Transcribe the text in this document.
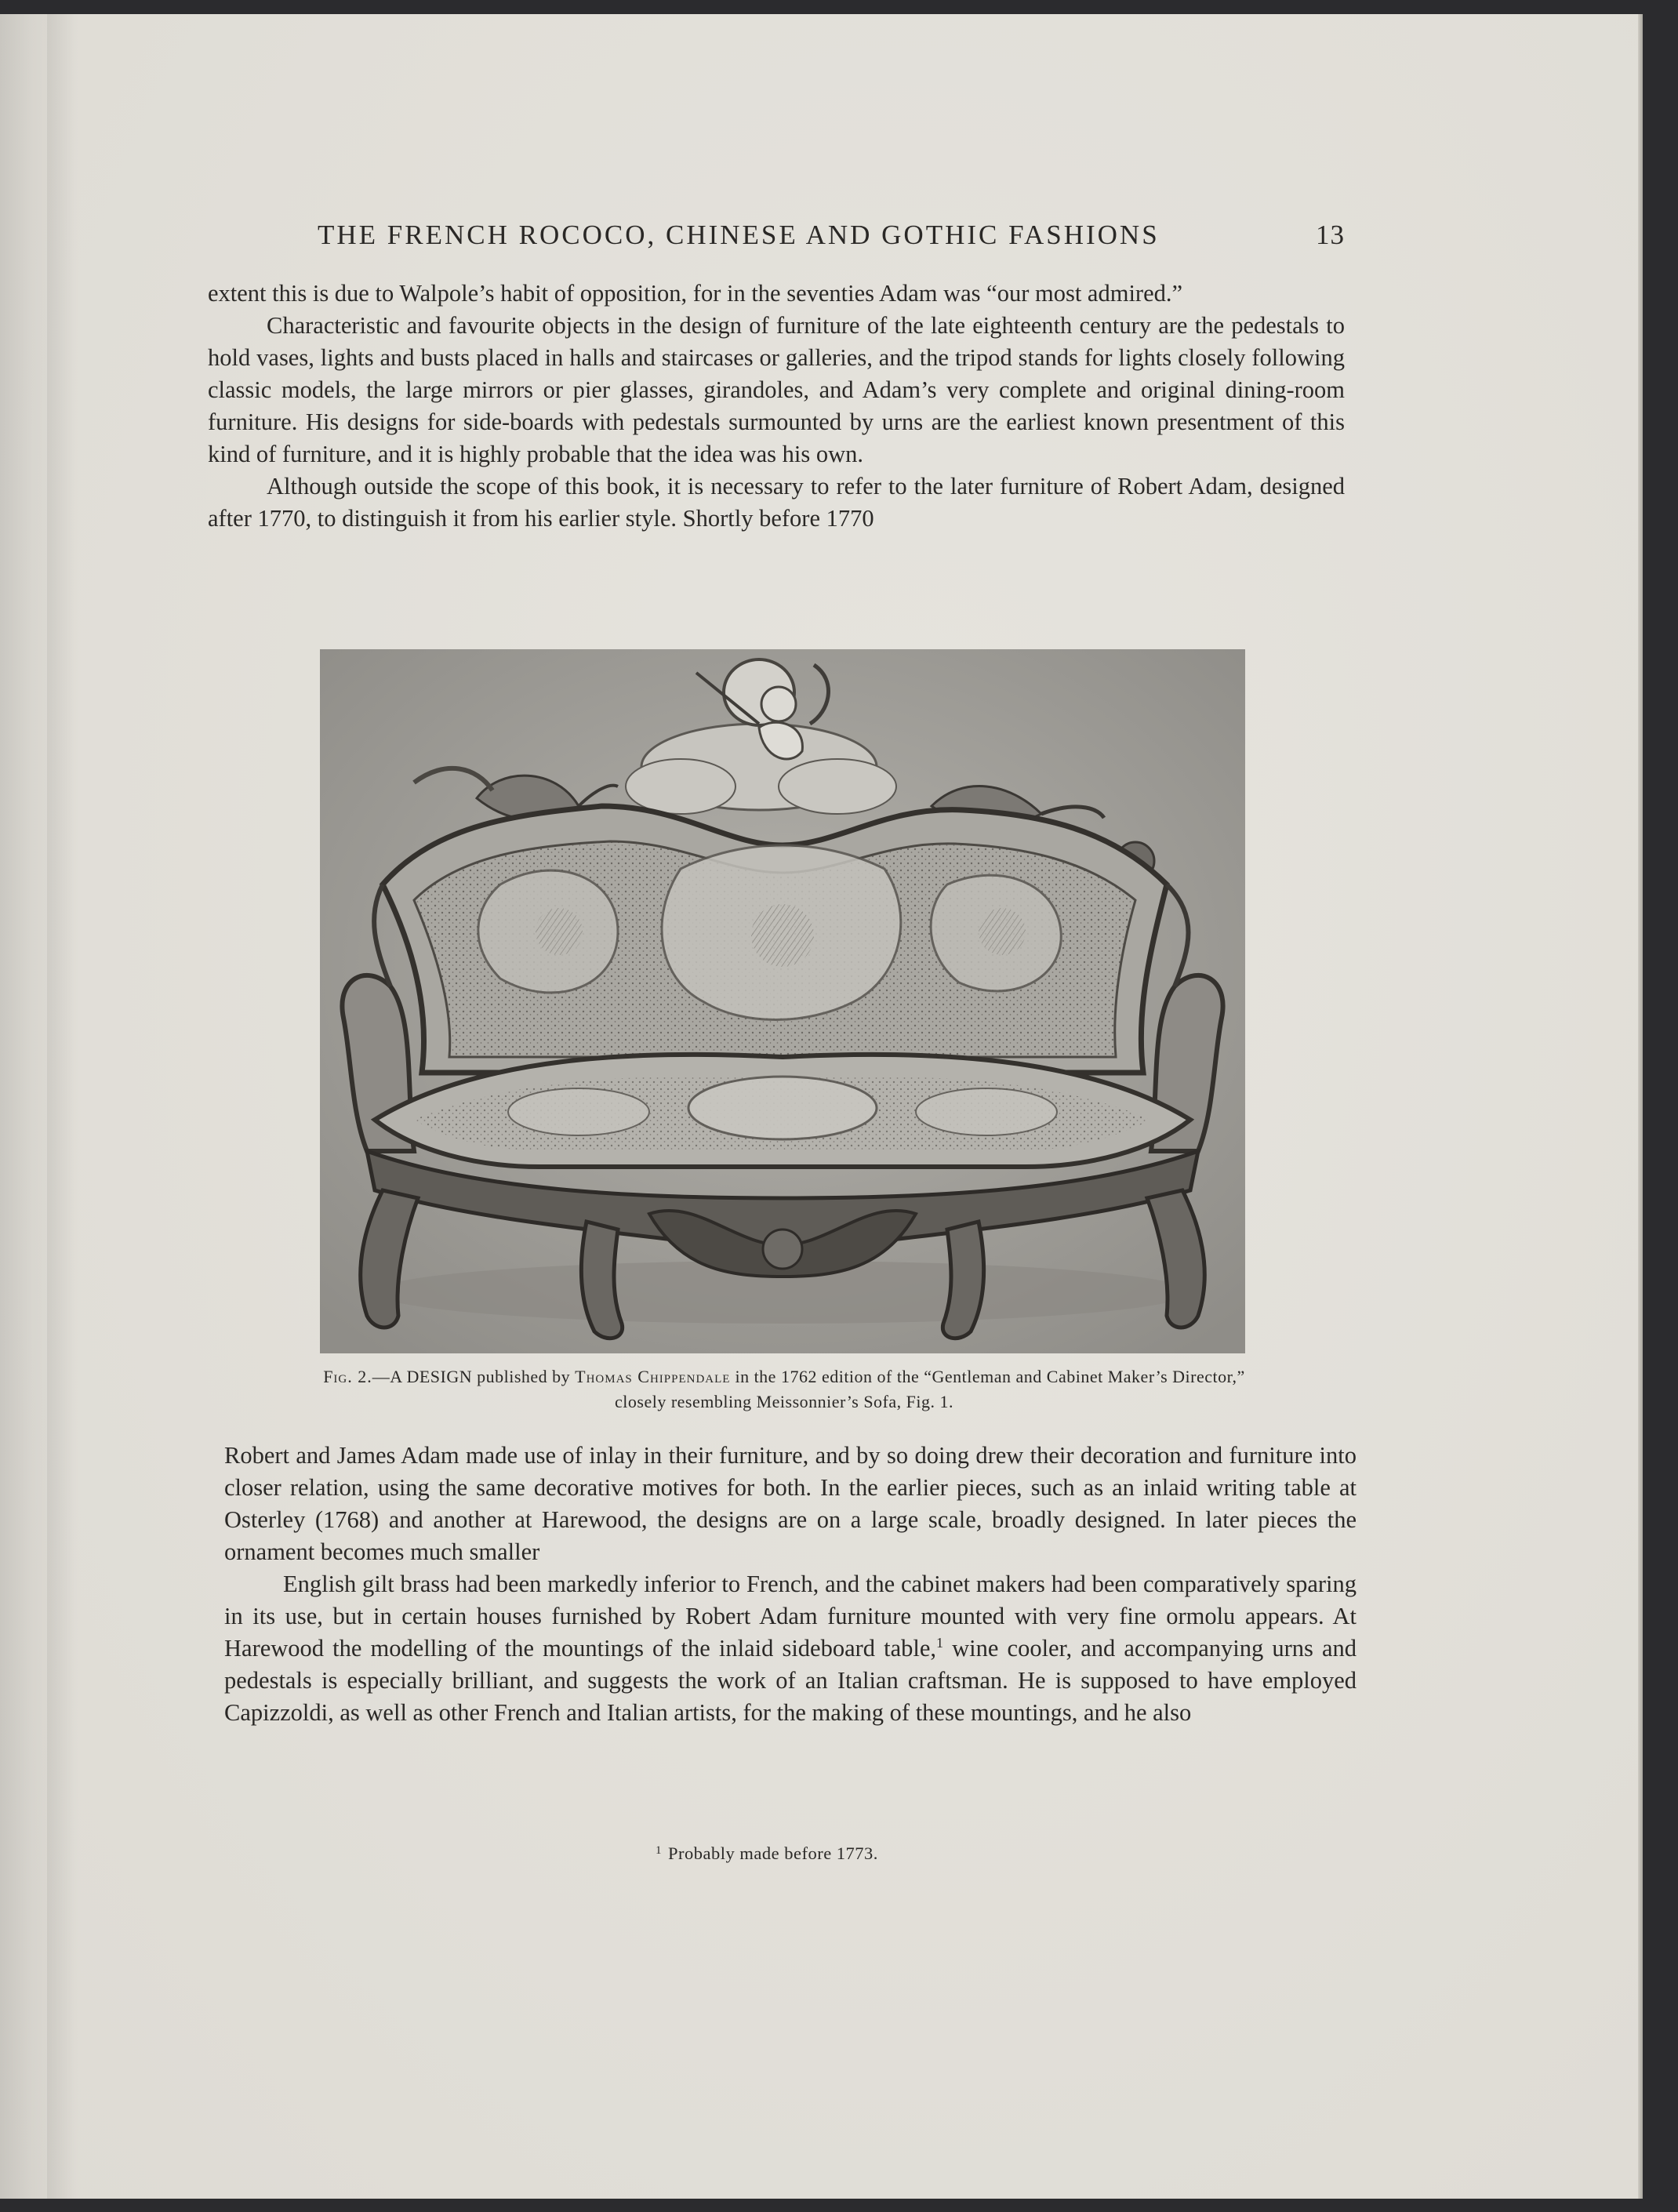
THE FRENCH ROCOCO, CHINESE AND GOTHIC FASHIONS	13

extent this is due to Walpole’s habit of opposition, for in the seventies Adam was “our most admired.”

Characteristic and favourite objects in the design of furniture of the late eighteenth century are the pedestals to hold vases, lights and busts placed in halls and staircases or galleries, and the tripod stands for lights closely following classic models, the large mirrors or pier glasses, girandoles, and Adam’s very complete and original dining-room furniture. His designs for side-boards with pedestals surmounted by urns are the earliest known presentment of this kind of furniture, and it is highly probable that the idea was his own.

Although outside the scope of this book, it is necessary to refer to the later furniture of Robert Adam, designed after 1770, to distinguish it from his earlier style. Shortly before 1770

Fig. 2.—A DESIGN published by Thomas Chippendale in the 1762 edition of the “Gentleman and Cabinet Maker’s Director,” closely resembling Meissonnier’s Sofa, Fig. 1.

Robert and James Adam made use of inlay in their furniture, and by so doing drew their decoration and furniture into closer relation, using the same decorative motives for both. In the earlier pieces, such as an inlaid writing table at Osterley (1768) and another at Harewood, the designs are on a large scale, broadly designed. In later pieces the ornament becomes much smaller

English gilt brass had been markedly inferior to French, and the cabinet makers had been comparatively sparing in its use, but in certain houses furnished by Robert Adam furniture mounted with very fine ormolu appears. At Harewood the modelling of the mountings of the inlaid sideboard table,$^1$ wine cooler, and accompanying urns and pedestals is especially brilliant, and suggests the work of an Italian craftsman. He is supposed to have employed Capizzoldi, as well as other French and Italian artists, for the making of these mountings, and he also

$^1$ Probably made before 1773.
